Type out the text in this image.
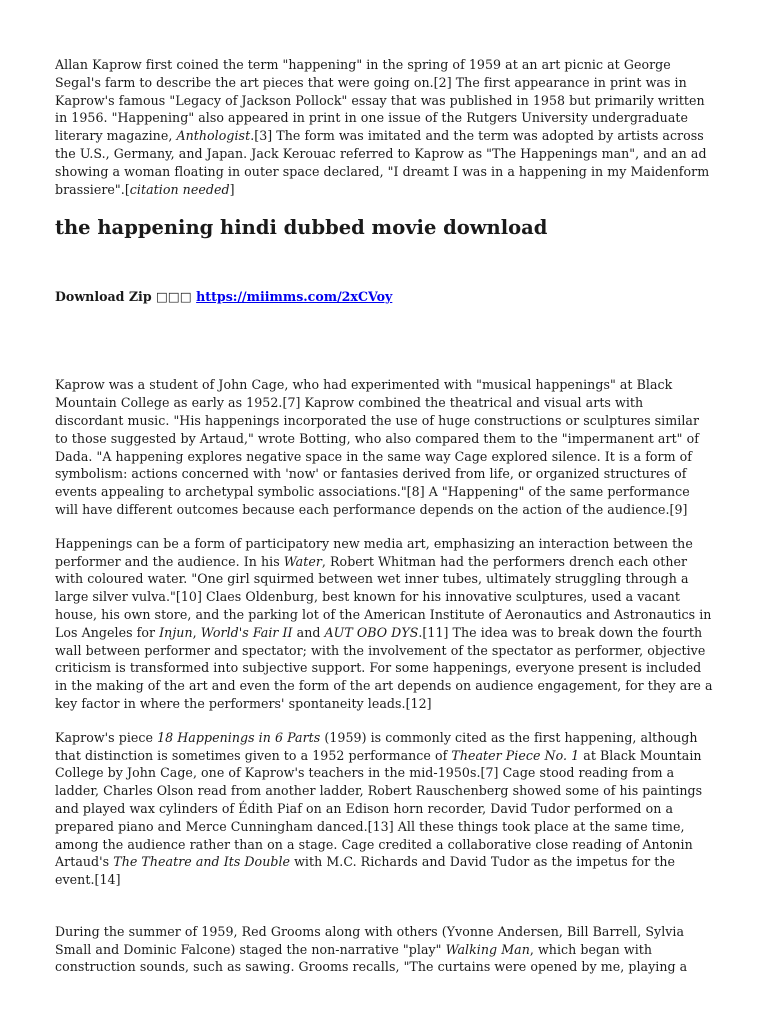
Allan Kaprow first coined the term "happening" in the spring of 1959 at an art picnic at George Segal's farm to describe the art pieces that were going on.[2] The first appearance in print was in Kaprow's famous "Legacy of Jackson Pollock" essay that was published in 1958 but primarily written in 1956. "Happening" also appeared in print in one issue of the Rutgers University undergraduate literary magazine, Anthologist.[3] The form was imitated and the term was adopted by artists across the U.S., Germany, and Japan. Jack Kerouac referred to Kaprow as "The Happenings man", and an ad showing a woman floating in outer space declared, "I dreamt I was in a happening in my Maidenform brassiere".[citation needed]

the happening hindi dubbed movie download
Download Zip □□□ https://miimms.com/2xCVoy

Kaprow was a student of John Cage, who had experimented with "musical happenings" at Black Mountain College as early as 1952.[7] Kaprow combined the theatrical and visual arts with discordant music. "His happenings incorporated the use of huge constructions or sculptures similar to those suggested by Artaud," wrote Botting, who also compared them to the "impermanent art" of Dada. "A happening explores negative space in the same way Cage explored silence. It is a form of symbolism: actions concerned with 'now' or fantasies derived from life, or organized structures of events appealing to archetypal symbolic associations."[8] A "Happening" of the same performance will have different outcomes because each performance depends on the action of the audience.[9]

Happenings can be a form of participatory new media art, emphasizing an interaction between the performer and the audience. In his Water, Robert Whitman had the performers drench each other with coloured water. "One girl squirmed between wet inner tubes, ultimately struggling through a large silver vulva."[10] Claes Oldenburg, best known for his innovative sculptures, used a vacant house, his own store, and the parking lot of the American Institute of Aeronautics and Astronautics in Los Angeles for Injun, World's Fair II and AUT OBO DYS.[11] The idea was to break down the fourth wall between performer and spectator; with the involvement of the spectator as performer, objective criticism is transformed into subjective support. For some happenings, everyone present is included in the making of the art and even the form of the art depends on audience engagement, for they are a key factor in where the performers' spontaneity leads.[12]

Kaprow's piece 18 Happenings in 6 Parts (1959) is commonly cited as the first happening, although that distinction is sometimes given to a 1952 performance of Theater Piece No. 1 at Black Mountain College by John Cage, one of Kaprow's teachers in the mid-1950s.[7] Cage stood reading from a ladder, Charles Olson read from another ladder, Robert Rauschenberg showed some of his paintings and played wax cylinders of Édith Piaf on an Edison horn recorder, David Tudor performed on a prepared piano and Merce Cunningham danced.[13] All these things took place at the same time, among the audience rather than on a stage. Cage credited a collaborative close reading of Antonin Artaud's The Theatre and Its Double with M.C. Richards and David Tudor as the impetus for the event.[14]

During the summer of 1959, Red Grooms along with others (Yvonne Andersen, Bill Barrell, Sylvia Small and Dominic Falcone) staged the non-narrative "play" Walking Man, which began with construction sounds, such as sawing. Grooms recalls, "The curtains were opened by me, playing a
